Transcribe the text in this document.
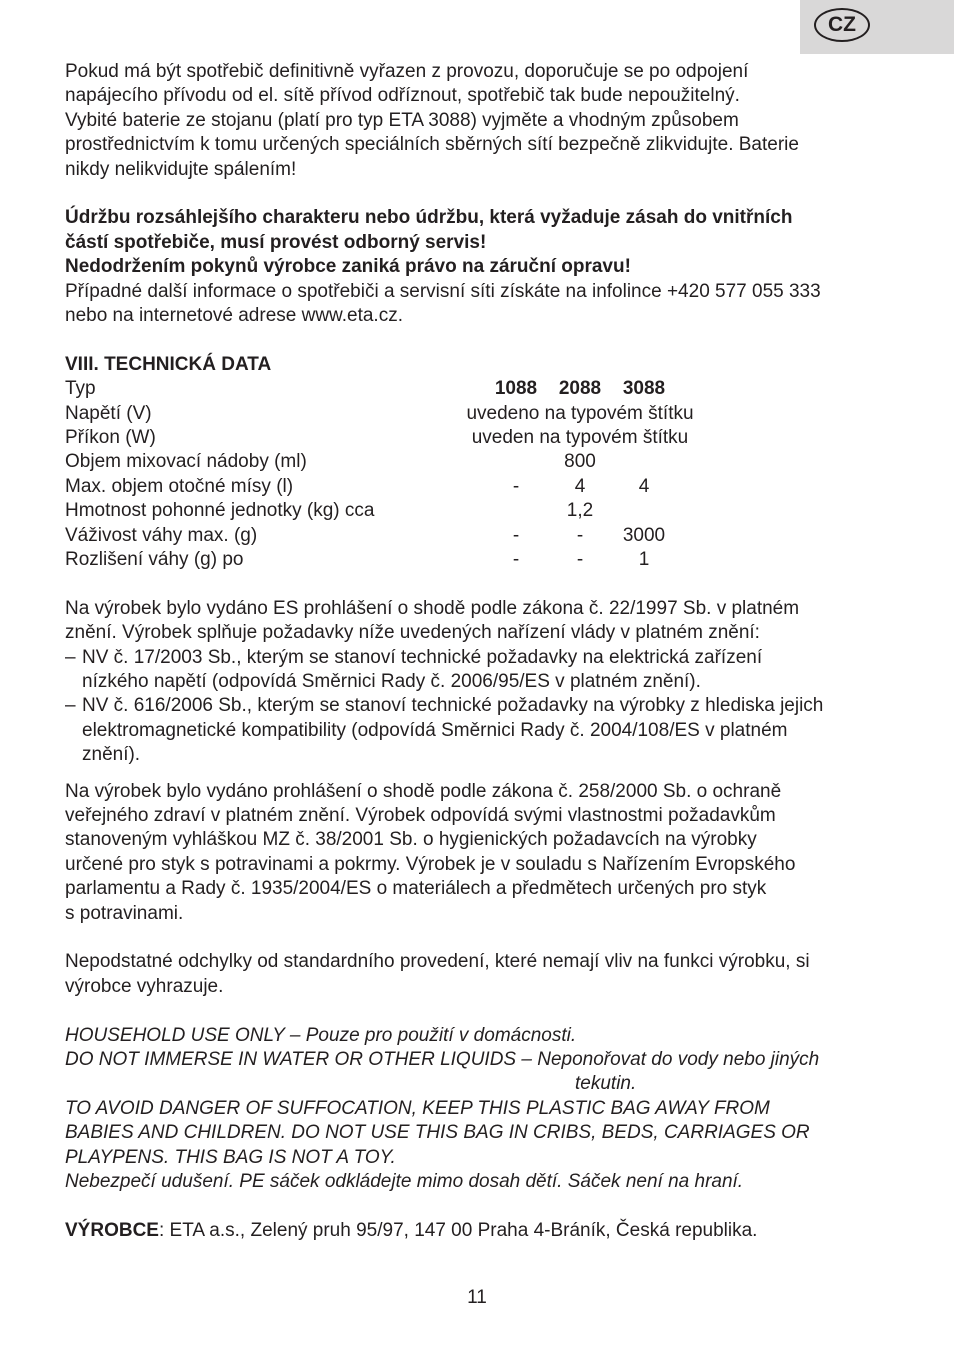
CZ

Pokud má být spotřebič definitivně vyřazen z provozu, doporučuje se po odpojení

napájecího přívodu od el. sítě přívod odříznout, spotřebič tak bude nepoužitelný.

Vybité baterie ze stojanu (platí pro typ ETA 3088) vyjměte a vhodným způsobem

prostřednictvím k tomu určených speciálních sběrných sítí bezpečně zlikvidujte. Baterie

nikdy nelikvidujte spálením!

Údržbu rozsáhlejšího charakteru nebo údržbu, která vyžaduje zásah do vnitřních

částí spotřebiče, musí provést odborný servis!

Nedodržením pokynů výrobce zaniká právo na záruční opravu!

Případné další informace o spotřebiči a servisní síti získáte na infolince +420 577 055 333

nebo na internetové adrese www.eta.cz.

VIII. TECHNICKÁ DATA

Typ	1088	2088	3088
Napětí (V)	uvedeno na typovém štítku
Příkon (W)	uveden na typovém štítku
Objem mixovací nádoby (ml)	800
Max. objem otočné mísy (l)	-	4	4
Hmotnost pohonné jednotky (kg) cca	1,2
Váživost váhy max. (g)	-	-	3000
Rozlišení váhy (g) po	-	-	1

Na výrobek bylo vydáno ES prohlášení o shodě podle zákona č. 22/1997 Sb. v platném

znění. Výrobek splňuje požadavky níže uvedených nařízení vlády v platném znění:

– NV č. 17/2003 Sb., kterým se stanoví technické požadavky na elektrická zařízení

nízkého napětí (odpovídá Směrnici Rady č. 2006/95/ES v platném znění).

– NV č. 616/2006 Sb., kterým se stanoví technické požadavky na výrobky z hlediska jejich

elektromagnetické kompatibility (odpovídá Směrnici Rady č. 2004/108/ES v platném

znění).

Na výrobek bylo vydáno prohlášení o shodě podle zákona č. 258/2000 Sb. o ochraně

veřejného zdraví v platném znění. Výrobek odpovídá svými vlastnostmi požadavkům

stanoveným vyhláškou MZ č. 38/2001 Sb. o hygienických požadavcích na výrobky

určené pro styk s potravinami a pokrmy. Výrobek je v souladu s Nařízením Evropského

parlamentu a Rady č. 1935/2004/ES o materiálech a předmětech určených pro styk

s potravinami.

Nepodstatné odchylky od standardního provedení, které nemají vliv na funkci výrobku, si

výrobce vyhrazuje.

HOUSEHOLD USE ONLY – Pouze pro použití v domácnosti.

DO NOT IMMERSE IN WATER OR OTHER LIQUIDS – Neponořovat do vody nebo jiných

tekutin.

TO AVOID DANGER OF SUFFOCATION, KEEP THIS PLASTIC BAG AWAY FROM

BABIES AND CHILDREN. DO NOT USE THIS BAG IN CRIBS, BEDS, CARRIAGES OR

PLAYPENS. THIS BAG IS NOT A TOY.

Nebezpečí udušení. PE sáček odkládejte mimo dosah dětí. Sáček není na hraní.

VÝROBCE: ETA a.s., Zelený pruh 95/97, 147 00 Praha 4-Bráník, Česká republika.

11
